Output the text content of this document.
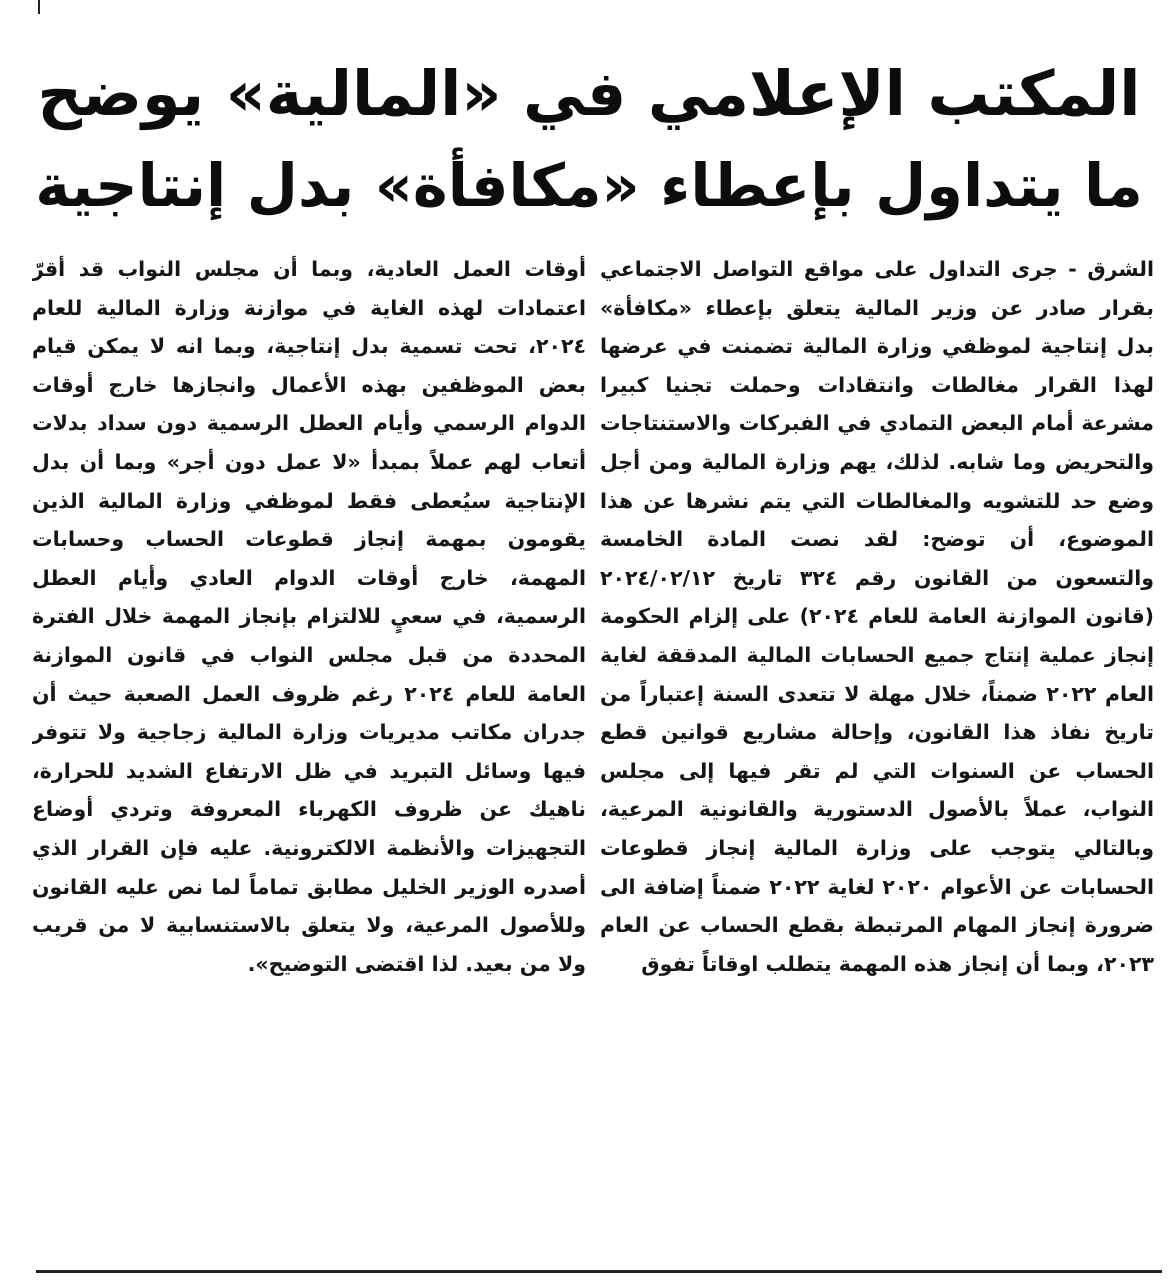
المكتب الإعلامي في «المالية» يوضح
ما يتداول بإعطاء «مكافأة» بدل إنتاجية

الشرق - جرى التداول على مواقع التواصل الاجتماعي بقرار صادر عن وزير المالية يتعلق بإعطاء «مكافأة» بدل إنتاجية لموظفي وزارة المالية تضمنت في عرضها لهذا القرار مغالطات وانتقادات وحملت تجنيا كبيرا مشرعة أمام البعض التمادي في الفبركات والاستنتاجات والتحريض وما شابه. لذلك، يهم وزارة المالية ومن أجل وضع حد للتشويه والمغالطات التي يتم نشرها عن هذا الموضوع، أن توضح: لقد نصت المادة الخامسة والتسعون من القانون رقم ٣٢٤ تاريخ ٢٠٢٤/٠٢/١٢ (قانون الموازنة العامة للعام ٢٠٢٤) على إلزام الحكومة إنجاز عملية إنتاج جميع الحسابات المالية المدققة لغاية العام ٢٠٢٢ ضمناً، خلال مهلة لا تتعدى السنة إعتباراً من تاريخ نفاذ هذا القانون، وإحالة مشاريع قوانين قطع الحساب عن السنوات التي لم تقر فيها إلى مجلس النواب، عملاً بالأصول الدستورية والقانونية المرعية، وبالتالي يتوجب على وزارة المالية إنجاز قطوعات الحسابات عن الأعوام ٢٠٢٠ لغاية ٢٠٢٢ ضمناً إضافة الى ضرورة إنجاز المهام المرتبطة بقطع الحساب عن العام ٢٠٢٣، وبما أن إنجاز هذه المهمة يتطلب اوقاتاً تفوق

أوقات العمل العادية، وبما أن مجلس النواب قد أقرّ اعتمادات لهذه الغاية في موازنة وزارة المالية للعام ٢٠٢٤، تحت تسمية بدل إنتاجية، وبما انه لا يمكن قيام بعض الموظفين بهذه الأعمال وانجازها خارج أوقات الدوام الرسمي وأيام العطل الرسمية دون سداد بدلات أتعاب لهم عملاً بمبدأ «لا عمل دون أجر» وبما أن بدل الإنتاجية سيُعطى فقط لموظفي وزارة المالية الذين يقومون بمهمة إنجاز قطوعات الحساب وحسابات المهمة، خارج أوقات الدوام العادي وأيام العطل الرسمية، في سعيٍ للالتزام بإنجاز المهمة خلال الفترة المحددة من قبل مجلس النواب في قانون الموازنة العامة للعام ٢٠٢٤ رغم ظروف العمل الصعبة حيث أن جدران مكاتب مديريات وزارة المالية زجاجية ولا تتوفر فيها وسائل التبريد في ظل الارتفاع الشديد للحرارة، ناهيك عن ظروف الكهرباء المعروفة وتردي أوضاع التجهيزات والأنظمة الالكترونية. عليه فإن القرار الذي أصدره الوزير الخليل مطابق تماماً لما نص عليه القانون وللأصول المرعية، ولا يتعلق بالاستنسابية لا من قريب ولا من بعيد. لذا اقتضى التوضيح».
